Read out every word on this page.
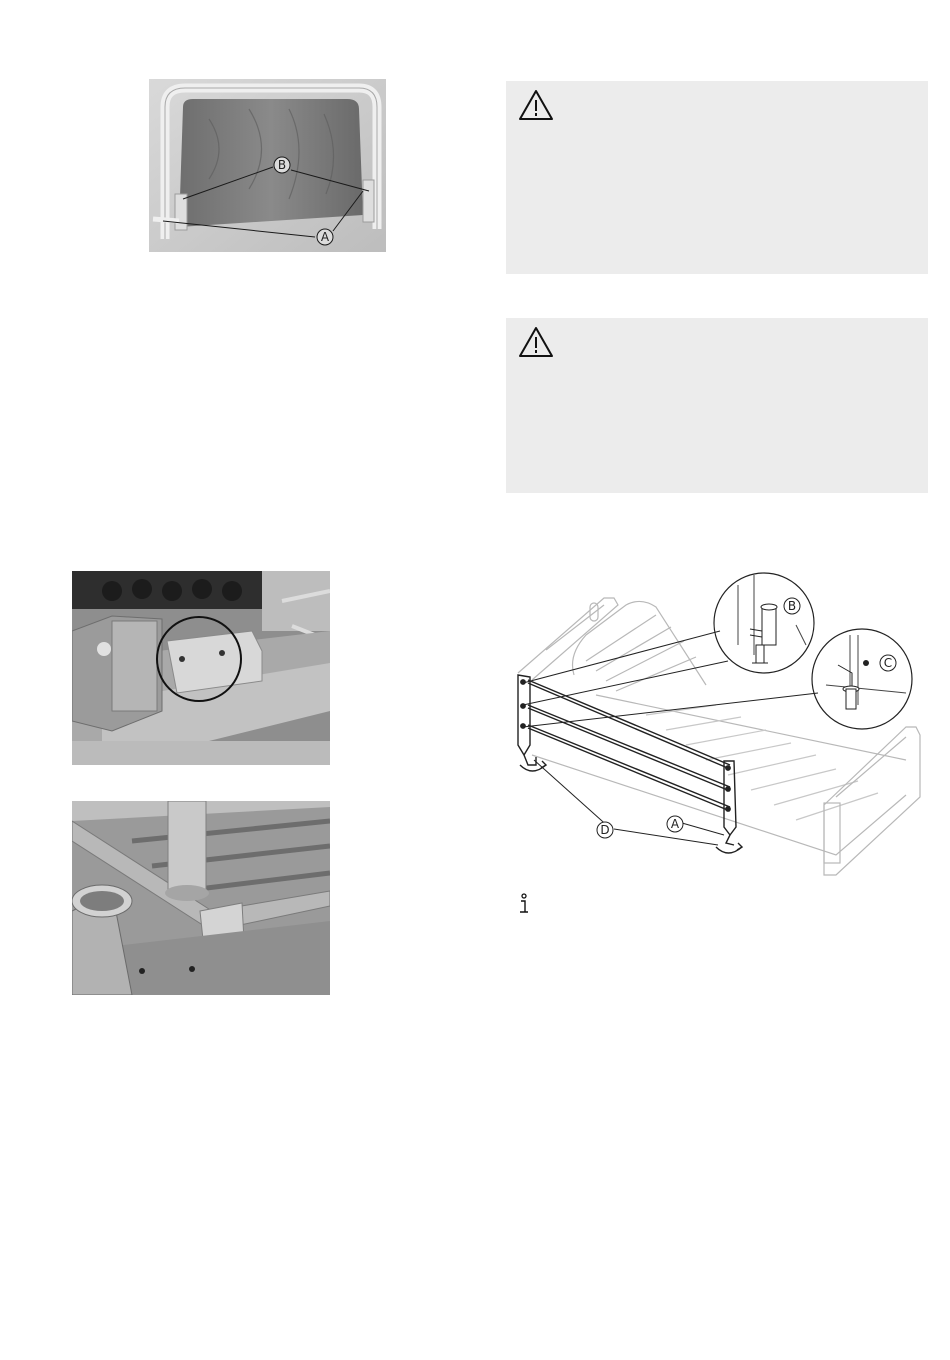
B
A
B
C
D	A
